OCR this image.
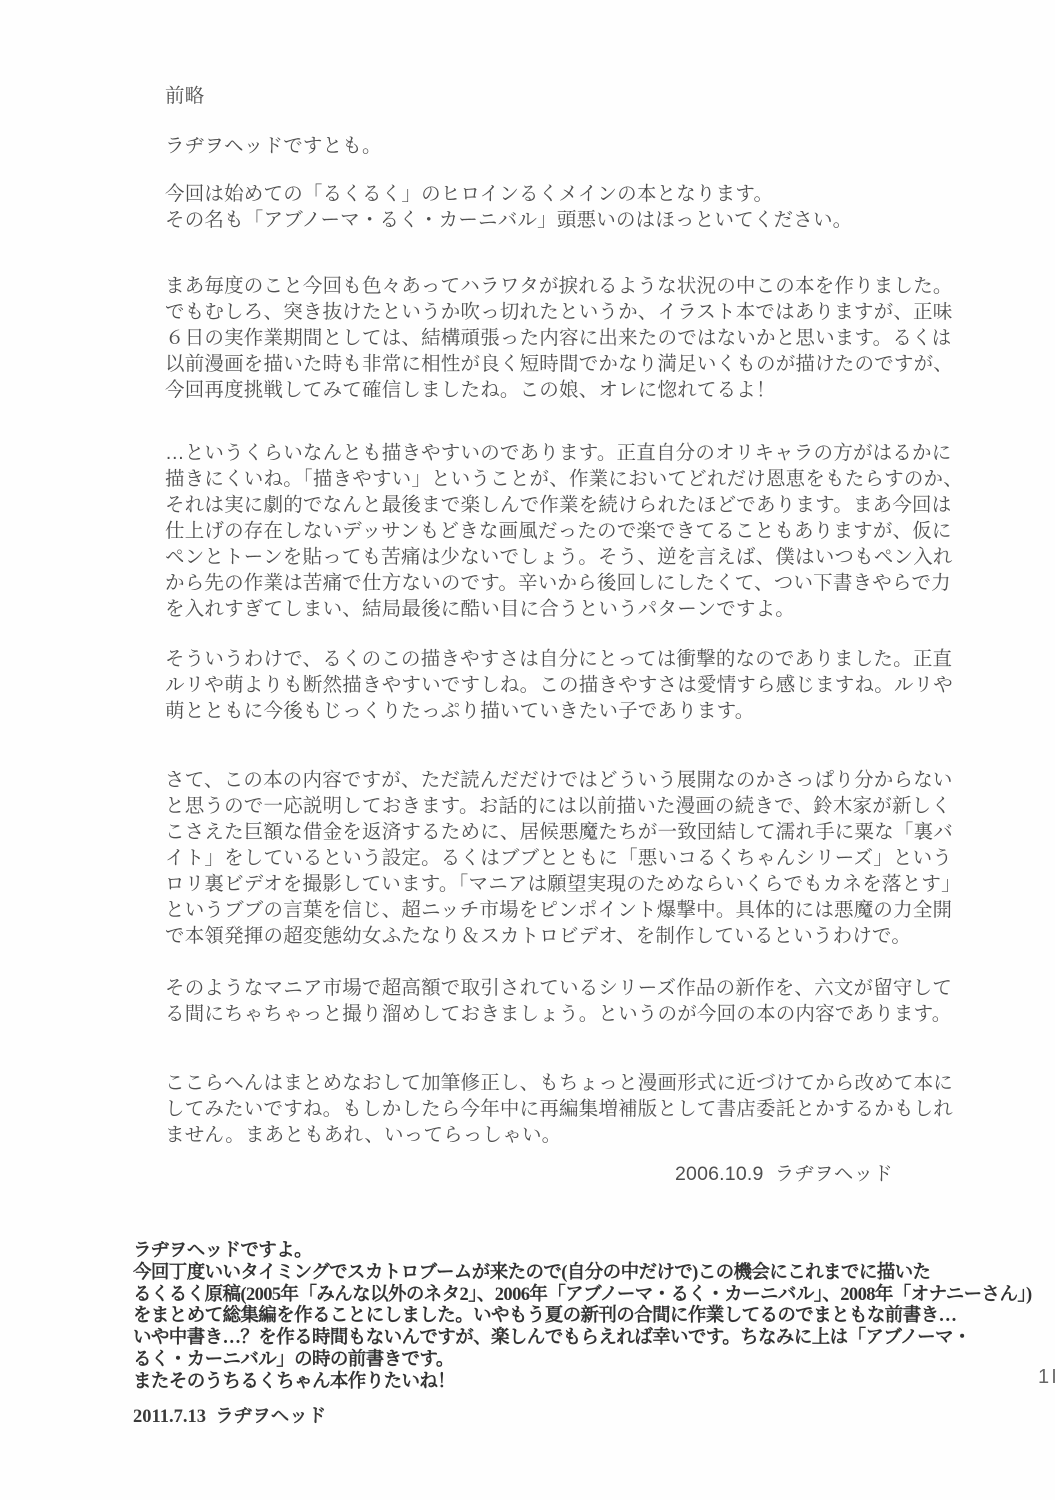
前略
ラヂヲヘッドですとも。
今回は始めての「るくるく」のヒロインるくメインの本となります。
その名も「アブノーマ・るく・カーニバル」頭悪いのはほっといてください。
まあ毎度のこと今回も色々あってハラワタが捩れるような状況の中この本を作りました。
でもむしろ、突き抜けたというか吹っ切れたというか、イラスト本ではありますが、正味
６日の実作業期間としては、結構頑張った内容に出来たのではないかと思います。るくは
以前漫画を描いた時も非常に相性が良く短時間でかなり満足いくものが描けたのですが、
今回再度挑戦してみて確信しましたね。この娘、オレに惚れてるよ！
…というくらいなんとも描きやすいのであります。正直自分のオリキャラの方がはるかに
描きにくいね。「描きやすい」ということが、作業においてどれだけ恩恵をもたらすのか、
それは実に劇的でなんと最後まで楽しんで作業を続けられたほどであります。まあ今回は
仕上げの存在しないデッサンもどきな画風だったので楽できてることもありますが、仮に
ペンとトーンを貼っても苦痛は少ないでしょう。そう、逆を言えば、僕はいつもペン入れ
から先の作業は苦痛で仕方ないのです。辛いから後回しにしたくて、つい下書きやらで力
を入れすぎてしまい、結局最後に酷い目に合うというパターンですよ。
そういうわけで、るくのこの描きやすさは自分にとっては衝撃的なのでありました。正直
ルリや萌よりも断然描きやすいですしね。この描きやすさは愛情すら感じますね。ルリや
萌とともに今後もじっくりたっぷり描いていきたい子であります。
さて、この本の内容ですが、ただ読んだだけではどういう展開なのかさっぱり分からない
と思うので一応説明しておきます。お話的には以前描いた漫画の続きで、鈴木家が新しく
こさえた巨額な借金を返済するために、居候悪魔たちが一致団結して濡れ手に粟な「裏バ
イト」をしているという設定。るくはブブとともに「悪いコるくちゃんシリーズ」という
ロリ裏ビデオを撮影しています。「マニアは願望実現のためならいくらでもカネを落とす」
というブブの言葉を信じ、超ニッチ市場をピンポイント爆撃中。具体的には悪魔の力全開
で本領発揮の超変態幼女ふたなり＆スカトロビデオ、を制作しているというわけで。
そのようなマニア市場で超高額で取引されているシリーズ作品の新作を、六文が留守して
る間にちゃちゃっと撮り溜めしておきましょう。というのが今回の本の内容であります。
ここらへんはまとめなおして加筆修正し、もちょっと漫画形式に近づけてから改めて本に
してみたいですね。もしかしたら今年中に再編集増補版として書店委託とかするかもしれ
ません。まあともあれ、いってらっしゃい。
2006.10.9  ラヂヲヘッド
ラヂヲヘッドですよ。
今回丁度いいタイミングでスカトロブームが来たので(自分の中だけで)この機会にこれまでに描いた
るくるく原稿(2005年「みんな以外のネタ2」、2006年「アブノーマ・るく・カーニバル」、2008年「オナニーさん」)
をまとめて総集編を作ることにしました。いやもう夏の新刊の合間に作業してるのでまともな前書き…
いや中書き…？を作る時間もないんですが、楽しんでもらえれば幸いです。ちなみに上は「アブノーマ・
るく・カーニバル」の時の前書きです。
またそのうちるくちゃん本作りたいね！
2011.7.13  ラヂヲヘッド
1
